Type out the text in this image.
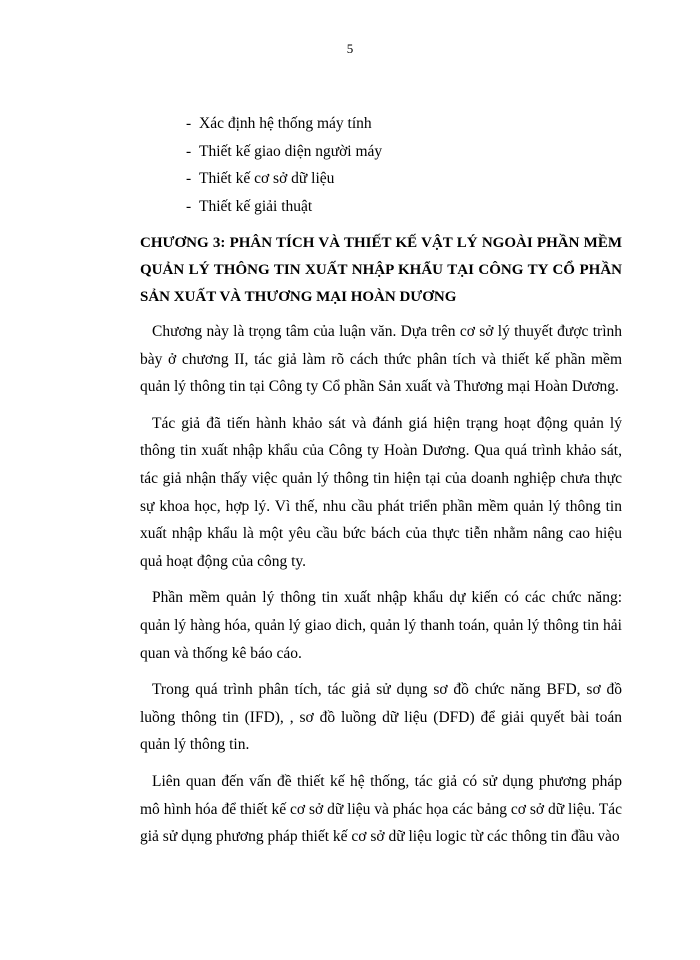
5
- Xác định hệ thống máy tính
- Thiết kế giao diện người máy
- Thiết kế cơ sở dữ liệu
- Thiết kế giải thuật
CHƯƠNG 3: PHÂN TÍCH VÀ THIẾT KẾ VẬT LÝ NGOÀI PHẦN MỀM QUẢN LÝ THÔNG TIN XUẤT NHẬP KHẨU TẠI CÔNG TY CỔ PHẦN SẢN XUẤT VÀ THƯƠNG MẠI HOÀN DƯƠNG

Chương này là trọng tâm của luận văn. Dựa trên cơ sở lý thuyết được trình bày ở chương II, tác giả làm rõ cách thức phân tích và thiết kế phần mềm quản lý thông tin tại Công ty Cổ phần Sản xuất và Thương mại Hoàn Dương.

Tác giả đã tiến hành khảo sát và đánh giá hiện trạng hoạt động quản lý thông tin xuất nhập khẩu của Công ty Hoàn Dương. Qua quá trình khảo sát, tác giả nhận thấy việc quản lý thông tin hiện tại của doanh nghiệp chưa thực sự khoa học, hợp lý. Vì thế, nhu cầu phát triển phần mềm quản lý thông tin xuất nhập khẩu là một yêu cầu bức bách của thực tiễn nhằm nâng cao hiệu quả hoạt động của công ty.

Phần mềm quản lý thông tin xuất nhập khẩu dự kiến có các chức năng: quản lý hàng hóa, quản lý giao dich, quản lý thanh toán, quản lý thông tin hải quan và thống kê báo cáo.

Trong quá trình phân tích, tác giả sử dụng sơ đồ chức năng BFD, sơ đồ luồng thông tin (IFD), , sơ đồ luồng dữ liệu (DFD) để giải quyết bài toán quản lý thông tin.

Liên quan đến vấn đề thiết kế hệ thống, tác giả có sử dụng phương pháp mô hình hóa để thiết kế cơ sở dữ liệu và phác họa các bảng cơ sở dữ liệu. Tác giả sử dụng phương pháp thiết kế cơ sở dữ liệu logic từ các thông tin đầu vào
